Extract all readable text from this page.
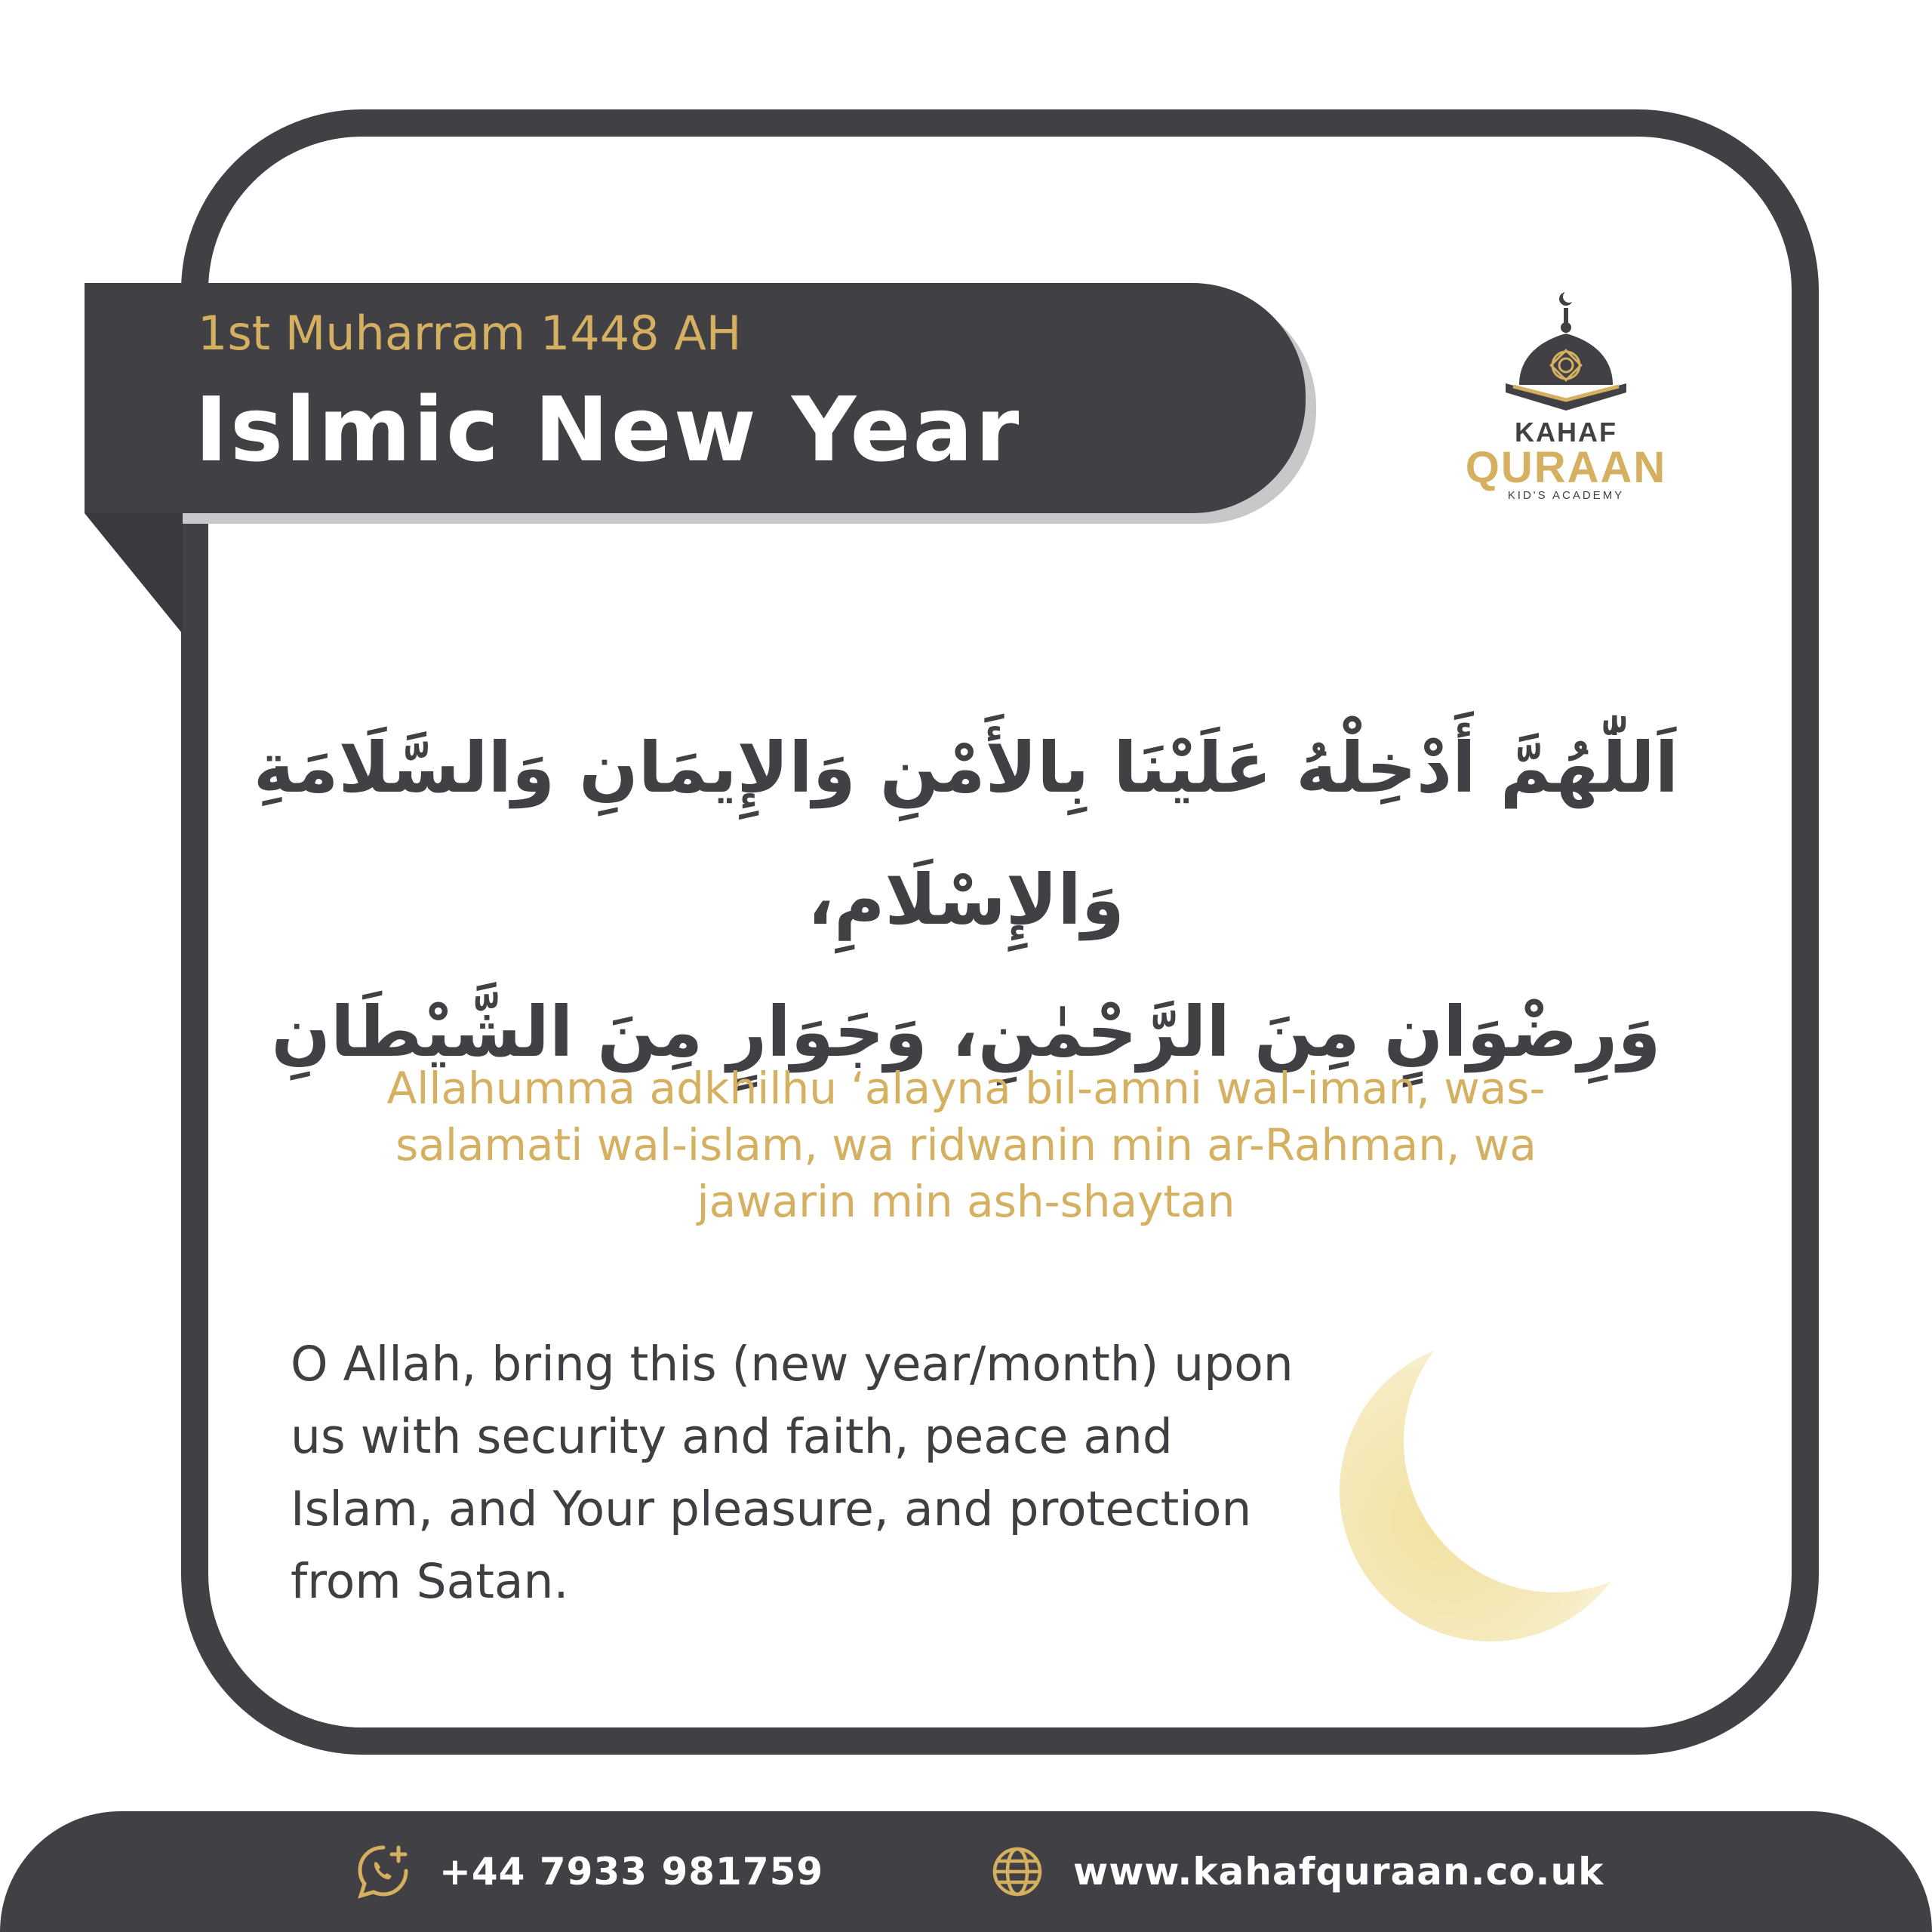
1st Muharram 1448 AH
Islmic New Year	KAHAF
QURAAN
KID'S ACADEMY
اَللّٰهُمَّ أَدْخِلْهُ عَلَيْنَا بِالأَمْنِ وَالإِيمَانِ وَالسَّلَامَةِ وَالإِسْلَامِ،
وَرِضْوَانٍ مِنَ الرَّحْمٰنِ، وَجَوَارٍ مِنَ الشَّيْطَانِ
Allahumma adkhilhu ‘alayna bil-amni wal-iman, was-salamati wal-islam, wa ridwanin min ar-Rahman, wa jawarin min ash-shaytan
O Allah, bring this (new year/month) upon us with security and faith, peace and Islam, and Your pleasure, and protection from Satan.
+44 7933 981759	www.kahafquraan.co.uk
